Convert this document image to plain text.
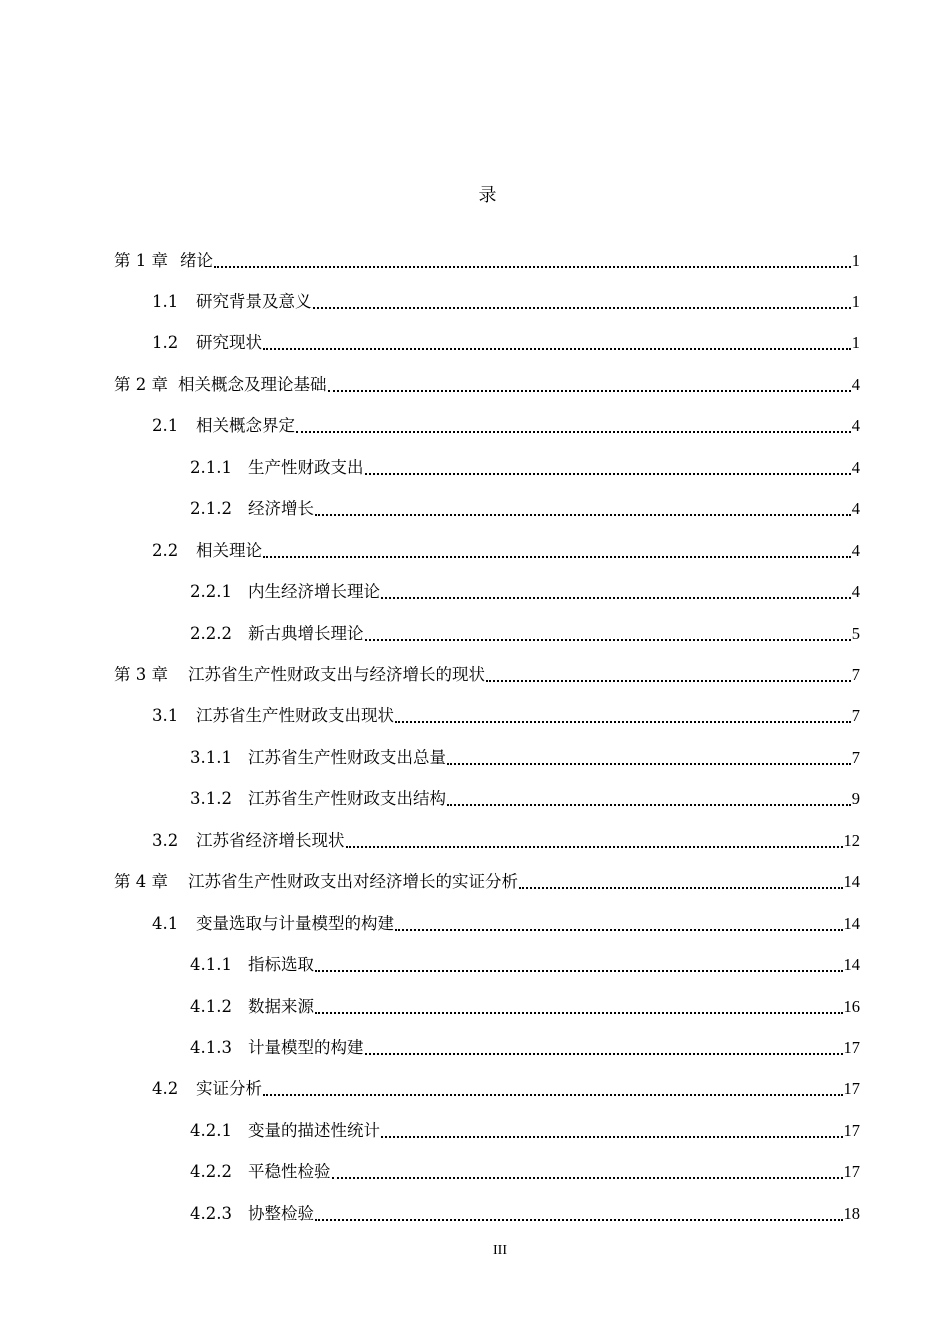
录
第 1 章 绪论	1
1.1	研究背景及意义	1
1.2	研究现状	1
第 2 章 相关概念及理论基础	4
2.1	相关概念界定	4
2.1.1 生产性财政支出	4
2.1.2 经济增长	4
2.2	相关理论	4
2.2.1 内生经济增长理论	4
2.2.2 新古典增长理论	5
第 3 章	江苏省生产性财政支出与经济增长的现状	7
3.1	江苏省生产性财政支出现状	7
3.1.1 江苏省生产性财政支出总量	7
3.1.2 江苏省生产性财政支出结构	9
3.2	江苏省经济增长现状	12
第 4 章	江苏省生产性财政支出对经济增长的实证分析	14
4.1	变量选取与计量模型的构建	14
4.1.1 指标选取	14
4.1.2 数据来源	16
4.1.3 计量模型的构建	17
4.2	实证分析	17
4.2.1 变量的描述性统计	17
4.2.2 平稳性检验	17
4.2.3 协整检验	18
III
